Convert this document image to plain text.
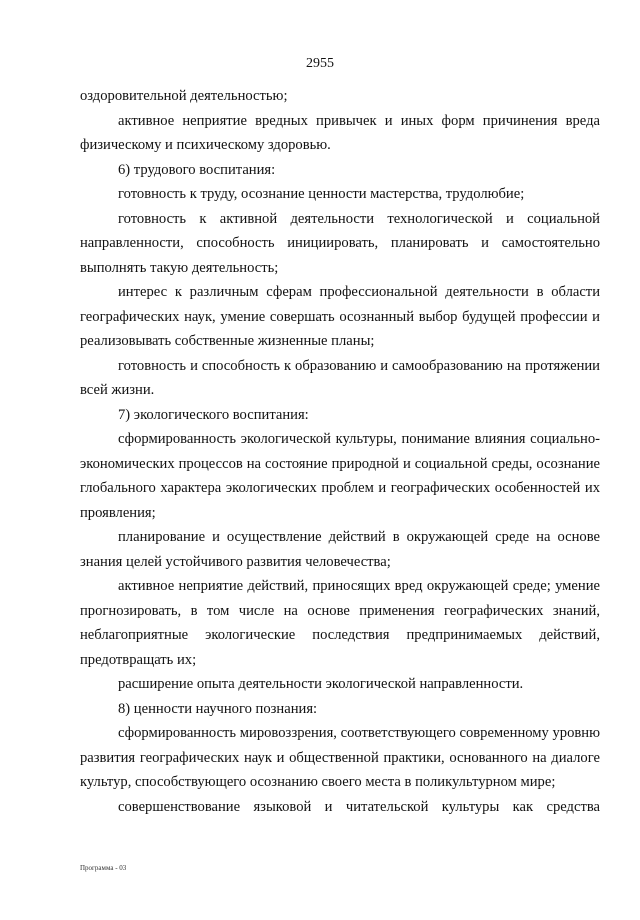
2955

оздоровительной деятельностью;

активное неприятие вредных привычек и иных форм причинения вреда физическому и психическому здоровью.

6) трудового воспитания:

готовность к труду, осознание ценности мастерства, трудолюбие;

готовность к активной деятельности технологической и социальной направленности, способность инициировать, планировать и самостоятельно выполнять такую деятельность;

интерес к различным сферам профессиональной деятельности в области географических наук, умение совершать осознанный выбор будущей профессии и реализовывать собственные жизненные планы;

готовность и способность к образованию и самообразованию на протяжении всей жизни.

7) экологического воспитания:

сформированность экологической культуры, понимание влияния социально-экономических процессов на состояние природной и социальной среды, осознание глобального характера экологических проблем и географических особенностей их проявления;

планирование и осуществление действий в окружающей среде на основе знания целей устойчивого развития человечества;

активное неприятие действий, приносящих вред окружающей среде; умение прогнозировать, в том числе на основе применения географических знаний, неблагоприятные экологические последствия предпринимаемых действий, предотвращать их;

расширение опыта деятельности экологической направленности.

8) ценности научного познания:

сформированность мировоззрения, соответствующего современному уровню развития географических наук и общественной практики, основанного на диалоге культур, способствующего осознанию своего места в поликультурном мире;

совершенствование языковой и читательской культуры как средства

Программа - 03
